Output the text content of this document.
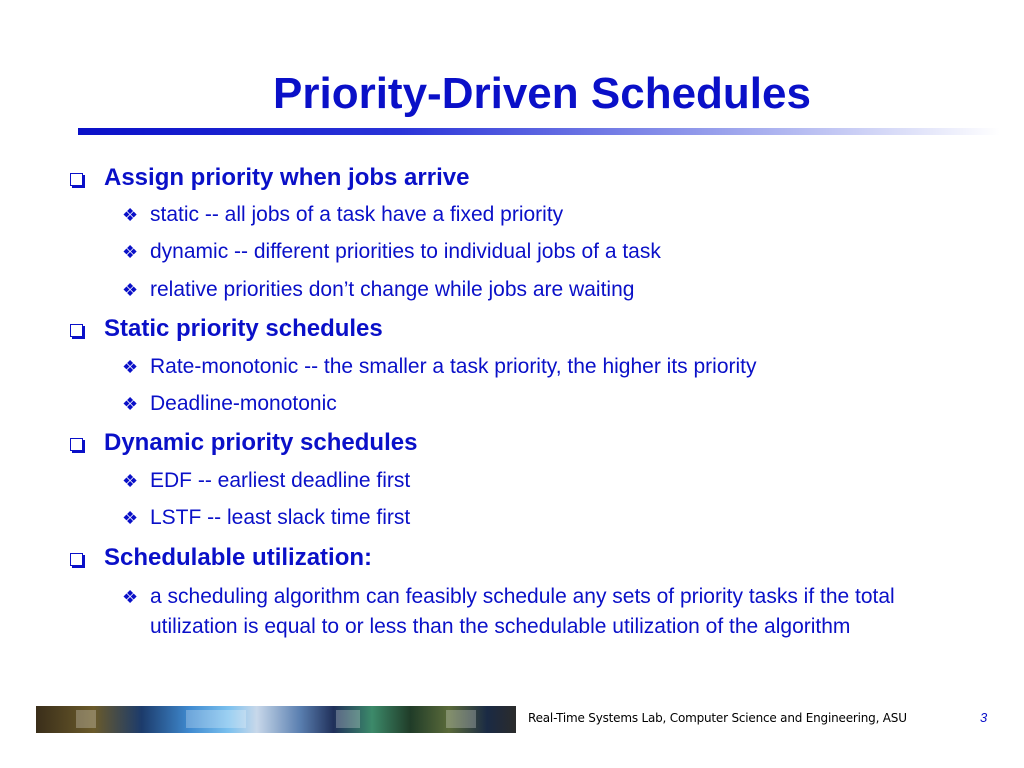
Priority-Driven Schedules
Assign priority when jobs arrive
❖ static -- all jobs of a task have a fixed priority
❖ dynamic -- different priorities to individual jobs of a task
❖ relative priorities don’t change while jobs are waiting
Static priority schedules
❖ Rate-monotonic -- the smaller a task priority, the higher its priority
❖ Deadline-monotonic
Dynamic priority schedules
❖ EDF -- earliest deadline first
❖ LSTF -- least slack time first
Schedulable utilization:
❖ a scheduling algorithm can feasibly schedule any sets of priority tasks if the total utilization is equal to or less than the schedulable utilization of the algorithm
Real-Time Systems Lab, Computer Science and Engineering, ASU	3
